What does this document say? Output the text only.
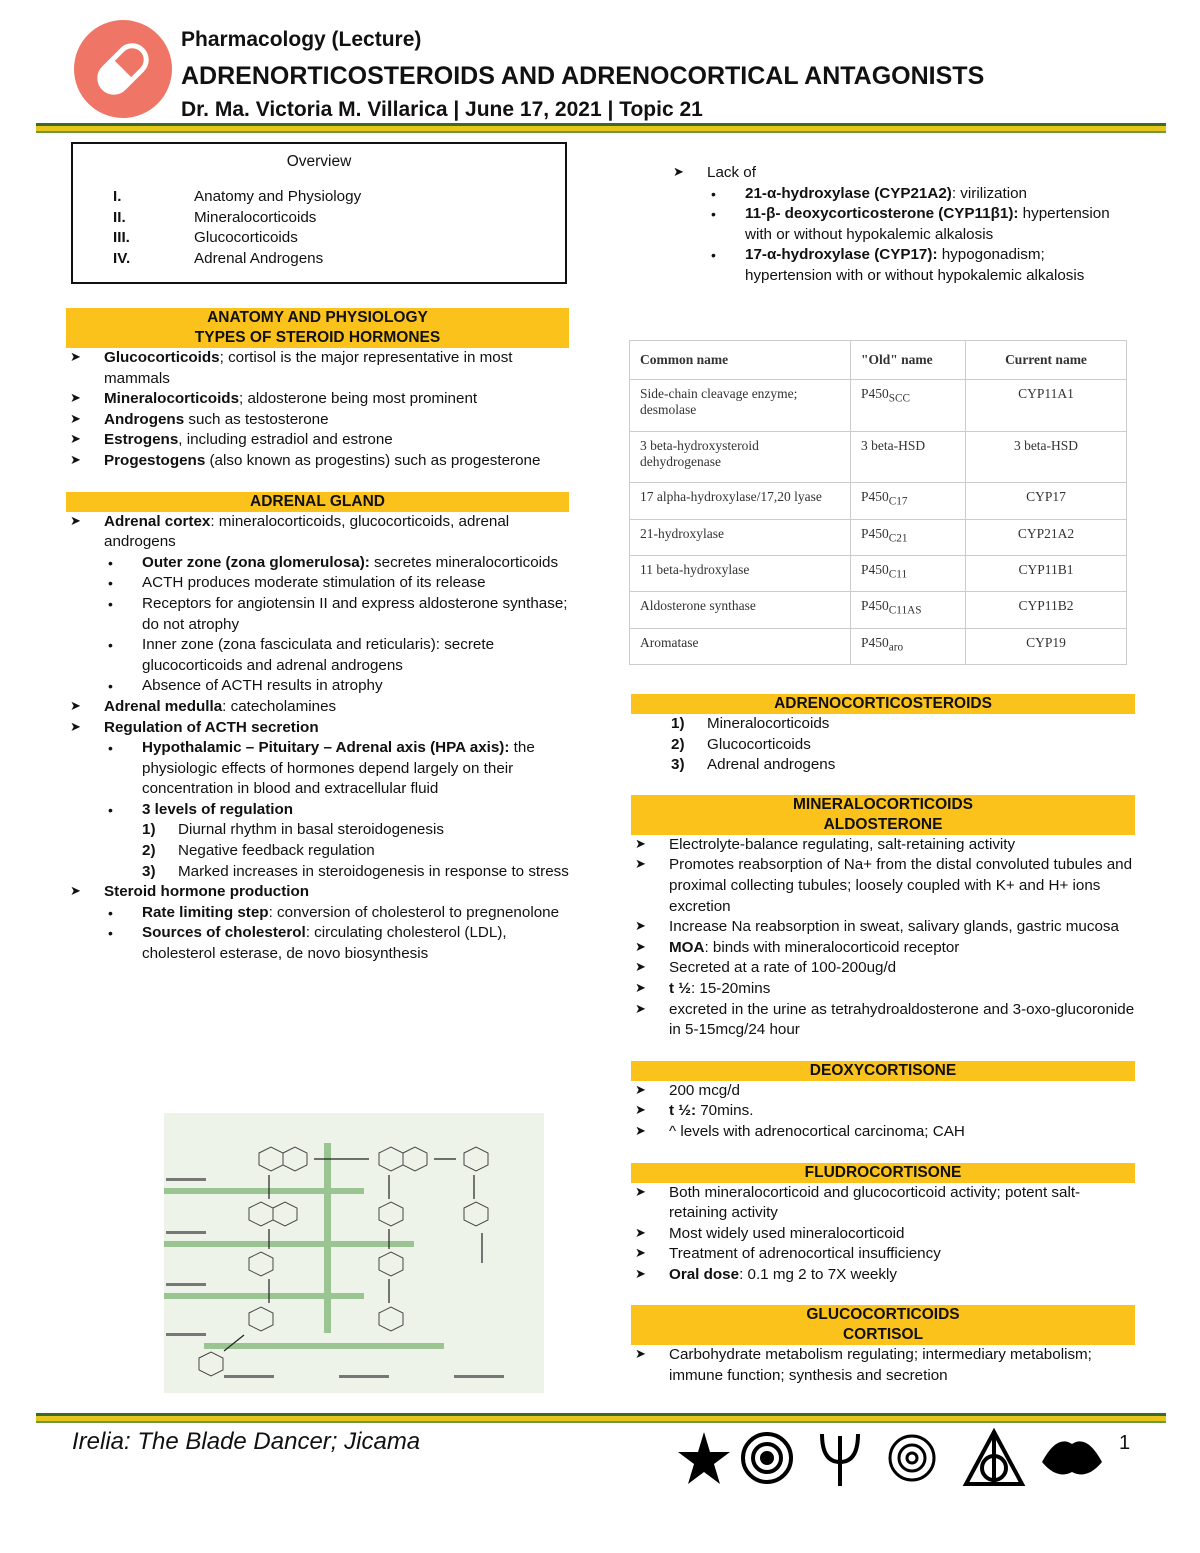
Pharmacology (Lecture)
ADRENORTICOSTEROIDS AND ADRENOCORTICAL ANTAGONISTS
Dr. Ma. Victoria M. Villarica | June 17, 2021 | Topic 21
Overview
I.	Anatomy and Physiology
II.	Mineralocorticoids
III.	Glucocorticoids
IV.	Adrenal Androgens
ANATOMY AND PHYSIOLOGY
TYPES OF STEROID HORMONES
➤ Glucocorticoids; cortisol is the major representative in most mammals
➤ Mineralocorticoids; aldosterone being most prominent
➤ Androgens such as testosterone
➤ Estrogens, including estradiol and estrone
➤ Progestogens (also known as progestins) such as progesterone
ADRENAL GLAND
➤ Adrenal cortex: mineralocorticoids, glucocorticoids, adrenal androgens
• Outer zone (zona glomerulosa): secretes mineralocorticoids
• ACTH produces moderate stimulation of its release
• Receptors for angiotensin II and express aldosterone synthase; do not atrophy
• Inner zone (zona fasciculata and reticularis): secrete glucocorticoids and adrenal androgens
• Absence of ACTH results in atrophy
➤ Adrenal medulla: catecholamines
➤ Regulation of ACTH secretion
• Hypothalamic – Pituitary – Adrenal axis (HPA axis): the physiologic effects of hormones depend largely on their concentration in blood and extracellular fluid
• 3 levels of regulation
1) Diurnal rhythm in basal steroidogenesis
2) Negative feedback regulation
3) Marked increases in steroidogenesis in response to stress
➤ Steroid hormone production
• Rate limiting step: conversion of cholesterol to pregnenolone
• Sources of cholesterol: circulating cholesterol (LDL), cholesterol esterase, de novo biosynthesis
➤ Lack of
• 21-α-hydroxylase (CYP21A2): virilization
• 11-β- deoxycorticosterone (CYP11β1): hypertension with or without hypokalemic alkalosis
• 17-α-hydroxylase (CYP17): hypogonadism; hypertension with or without hypokalemic alkalosis
Common name	"Old" name	Current name
Side-chain cleavage enzyme; desmolase	$P450_{SCC}$	CYP11A1
3 beta-hydroxysteroid dehydrogenase	3 beta-HSD	3 beta-HSD
17 alpha-hydroxylase/17,20 lyase	$P450_{C17}$	CYP17
21-hydroxylase	$P450_{C21}$	CYP21A2
11 beta-hydroxylase	$P450_{C11}$	CYP11B1
Aldosterone synthase	$P450_{C11AS}$	CYP11B2
Aromatase	$P450_{aro}$	CYP19
ADRENOCORTICOSTEROIDS
1) Mineralocorticoids
2) Glucocorticoids
3) Adrenal androgens
MINERALOCORTICOIDS
ALDOSTERONE
➤ Electrolyte-balance regulating, salt-retaining activity
➤ Promotes reabsorption of Na+ from the distal convoluted tubules and proximal collecting tubules; loosely coupled with K+ and H+ ions excretion
➤ Increase Na reabsorption in sweat, salivary glands, gastric mucosa
➤ MOA: binds with mineralocorticoid receptor
➤ Secreted at a rate of 100-200ug/d
➤ t ½: 15-20mins
➤ excreted in the urine as tetrahydroaldosterone and 3-oxo-glucoronide in 5-15mcg/24 hour
DEOXYCORTISONE
➤ 200 mcg/d
➤ t ½: 70mins.
➤ ^ levels with adrenocortical carcinoma; CAH
FLUDROCORTISONE
➤ Both mineralocorticoid and glucocorticoid activity; potent salt-retaining activity
➤ Most widely used mineralocorticoid
➤ Treatment of adrenocortical insufficiency
➤ Oral dose: 0.1 mg 2 to 7X weekly
GLUCOCORTICOIDS
CORTISOL
➤ Carbohydrate metabolism regulating; intermediary metabolism; immune function; synthesis and secretion
Irelia: The Blade Dancer; Jicama	1
